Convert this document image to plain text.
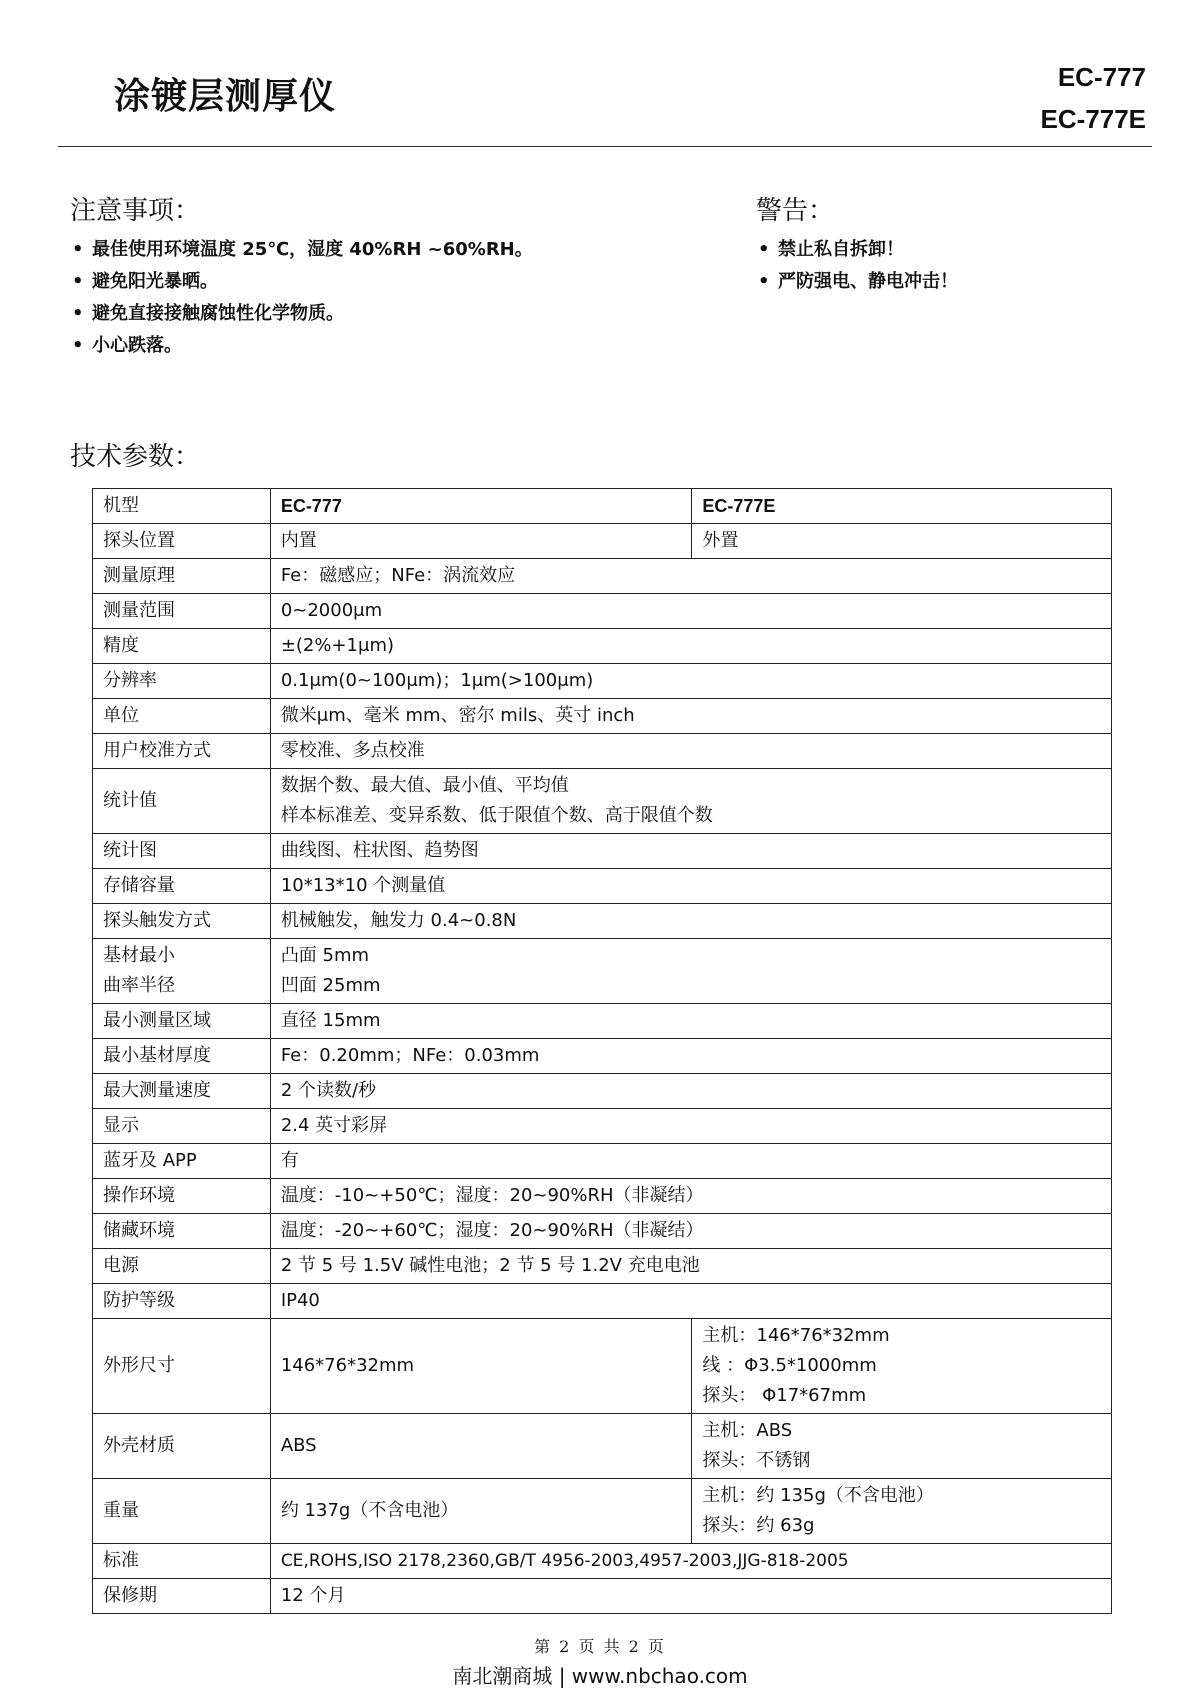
涂镀层测厚仪	EC-777
EC-777E
注意事项：
• 最佳使用环境温度 25℃，湿度 40%RH ~60%RH。
• 避免阳光暴晒。
• 避免直接接触腐蚀性化学物质。
• 小心跌落。
警告：
• 禁止私自拆卸！
• 严防强电、静电冲击！
技术参数：
机型	EC-777	EC-777E
探头位置	内置	外置
测量原理	Fe：磁感应；NFe：涡流效应	
测量范围	0~2000μm	
精度	±(2%+1μm)	
分辨率	0.1μm(0~100μm)；1μm(>100μm)	
单位	微米μm、毫米 mm、密尔 mils、英寸 inch	
用户校准方式	零校准、多点校准	
统计值	数据个数、最大值、最小值、平均值
样本标准差、变异系数、低于限值个数、高于限值个数	

统计图	曲线图、柱状图、趋势图	
存储容量	10*13*10 个测量值	
探头触发方式	机械触发，触发力 0.4~0.8N	

基材最小
曲率半径	凸面 5mm
凹面 25mm	

最小测量区域	直径 15mm	
最小基材厚度	Fe：0.20mm；NFe：0.03mm	
最大测量速度	2 个读数/秒	
显示	2.4 英寸彩屏	
蓝牙及 APP	有	
操作环境	温度：-10~+50℃；湿度：20~90%RH（非凝结）	
储藏环境	温度：-20~+60℃；湿度：20~90%RH（非凝结）	
电源	2 节 5 号 1.5V 碱性电池；2 节 5 号 1.2V 充电电池	
防护等级	IP40	
外形尺寸	146*76*32mm	主机：146*76*32mm
线 ：Φ3.5*1000mm
探头： Φ17*67mm

外壳材质	ABS	主机：ABS
探头：不锈钢

重量	约 137g（不含电池）	主机：约 135g（不含电池）
探头：约 63g

标准	CE,ROHS,ISO 2178,2360,GB/T 4956-2003,4957-2003,JJG-818-2005	
保修期	12 个月	
第 2 页 共 2 页
南北潮商城 | www.nbchao.com
